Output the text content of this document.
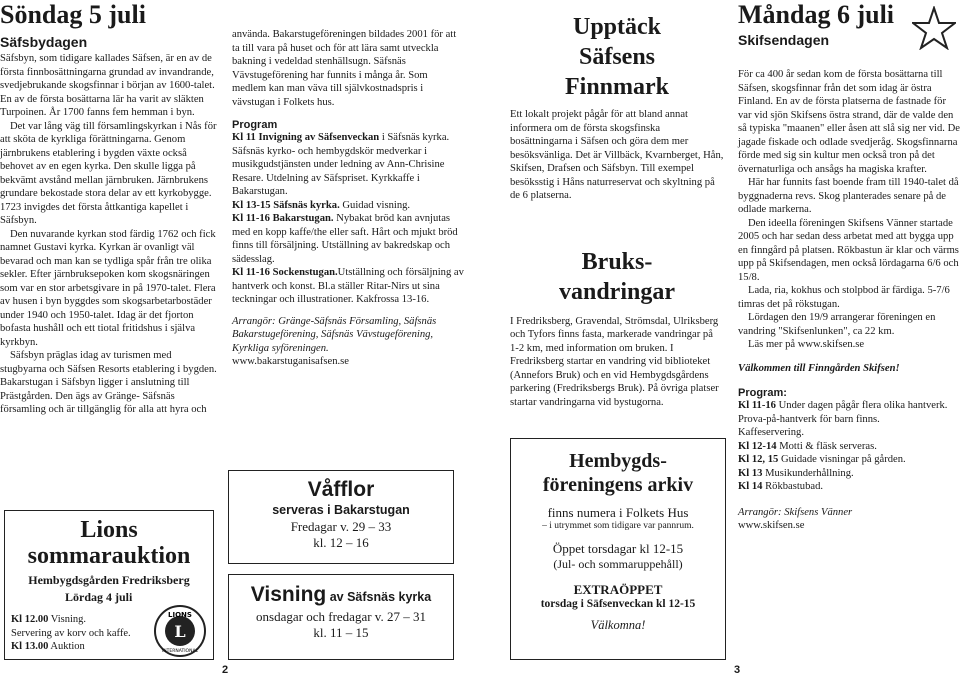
Söndag 5 juli
Säfsbydagen

Säfsbyn, som tidigare kallades Säfsen, är en av de första finnbosättningarna grundad av invandrande, svedjebrukande skogsfinnar i början av 1600-talet. En av de första bosättarna lär ha varit av släkten Turpoinen. År 1700 fanns fem hemman i byn.

Det var lång väg till församlingskyrkan i Nås för att sköta de kyrkliga förättningarna. Genom järnbrukens etablering i bygden växte också behovet av en egen kyrka. Den skulle ligga på bekvämt avstånd mellan järnbruken. Järnbrukens grundare bekostade stora delar av ett kyrkobygge. 1723 invigdes det första åttkantiga kapellet i Säfsbyn.

Den nuvarande kyrkan stod färdig 1762 och fick namnet Gustavi kyrka. Kyrkan är ovanligt väl bevarad och man kan se tydliga spår från tre olika sekler. Efter järnbruksepoken kom skogsnäringen som var en stor arbetsgivare in på 1970-talet. Flera av husen i byn byggdes som skogsarbetarbostäder under 1940 och 1950-talet. Idag är det fjorton bofasta hushåll och ett tiotal fritidshus i själva kyrkbyn.

Säfsbyn präglas idag av turismen med stugbyarna och Säfsen Resorts etablering i bygden. Bakarstugan i Säfsbyn ligger i anslutning till Prästgården. Den ägs av Gränge- Säfsnäs församling och är tillgänglig för alla att hyra och

Lions
sommarauktion
Hembygdsgården Fredriksberg
Lördag 4 juli
Kl 12.00 Visning.
Servering av korv och kaffe.
Kl 13.00 Auktion
LIONS
L
INTERNATIONAL
2

använda. Bakarstugeföreningen bildades 2001 för att ta till vara på huset och för att lära samt utveckla bakning i vedeldad stenhällsugn. Säfsnäs Vävstugeförening har funnits i många år. Som medlem kan man väva till självkostnadspris i vävstugan i Folkets hus.

Program

Kl 11 Invigning av Säfsenveckan i Säfsnäs kyrka. Säfsnäs kyrko- och hembygdskör medverkar i musikgudstjänsten under ledning av Ann-Chrisine Resare. Utdelning av Säfspriset. Kyrkkaffe i Bakarstugan.

Kl 13-15 Säfsnäs kyrka. Guidad visning.

Kl 11-16 Bakarstugan. Nybakat bröd kan avnjutas med en kopp kaffe/the eller saft. Hårt och mjukt bröd finns till försäljning. Utställning av bakredskap och sädesslag.

Kl 11-16 Sockenstugan.Utställning och försäljning av hantverk och konst. Bl.a ställer Ritar-Nirs ut sina teckningar och illustrationer. Kakfrossa 13-16.

Arrangör: Gränge-Säfsnäs Församling, Säfsnäs Bakarstugeförening, Säfsnäs Vävstugeförening, Kyrkliga syföreningen.

www.bakarstuganisafsen.se

Våfflor
serveras i Bakarstugan
Fredagar v. 29 – 33
kl. 12 – 16
Visning av Säfsnäs kyrka
onsdagar och fredagar v. 27 – 31
kl. 11 – 15
Upptäck
Säfsens
Finnmark

Ett lokalt projekt pågår för att bland annat informera om de första skogsfinska bosättningarna i Säfsen och göra dem mer besöksvänliga. Det är Villbäck, Kvarnberget, Hån, Skifsen, Drafsen och Säfsbyn. Till exempel besöksstig i Håns naturreservat och skyltning på de 6 platserna.

Bruks-
vandringar

I Fredriksberg, Gravendal, Strömsdal, Ulriksberg och Tyfors finns fasta, markerade vandringar på 1-2 km, med information om bruken. I Fredriksberg startar en vandring vid biblioteket (Annefors Bruk) och en vid Hembygdsgårdens parkering (Fredriksbergs Bruk). På övriga platser startar vandringarna vid bystugorna.

Hembygds-
föreningens arkiv
finns numera i Folkets Hus
– i utrymmet som tidigare var pannrum.
Öppet torsdagar kl 12-15
(Jul- och sommaruppehåll)
EXTRAÖPPET
torsdag i Säfsenveckan kl 12-15
Välkomna!
3
Måndag 6 juli
Skifsendagen

För ca 400 år sedan kom de första bosättarna till Säfsen, skogsfinnar från det som idag är östra Finland. En av de första platserna de fastnade för var vid sjön Skifsens östra strand, där de valde den så typiska "maanen" eller åsen att slå sig ner vid. De jagade fiskade och odlade svedjeråg. Skogsfinnarna förde med sig sin kultur men också tron på det övernaturliga och ansågs ha magiska krafter.

Här har funnits fast boende fram till 1940-talet då byggnaderna revs. Skog planterades senare på de odlade markerna.

Den ideella föreningen Skifsens Vänner startade 2005 och har sedan dess arbetat med att bygga upp en finngård på platsen. Rökbastun är klar och värms upp på Skifsendagen, men också lördagarna 6/6 och 15/8.

Lada, ria, kokhus och stolpbod är färdiga. 5-7/6 timras det på rökstugan.

Lördagen den 19/9 arrangerar föreningen en vandring "Skifsenlunken", ca 22 km.

Läs mer på www.skifsen.se

Välkommen till Finngården Skifsen!

Program:

Kl 11-16 Under dagen pågår flera olika hantverk.

Prova-på-hantverk för barn finns.

Kaffeservering.

Kl 12-14 Motti & fläsk serveras.

Kl 12, 15 Guidade visningar på gården.

Kl 13 Musikunderhållning.

Kl 14 Rökbastubad.

Arrangör: Skifsens Vänner

www.skifsen.se
